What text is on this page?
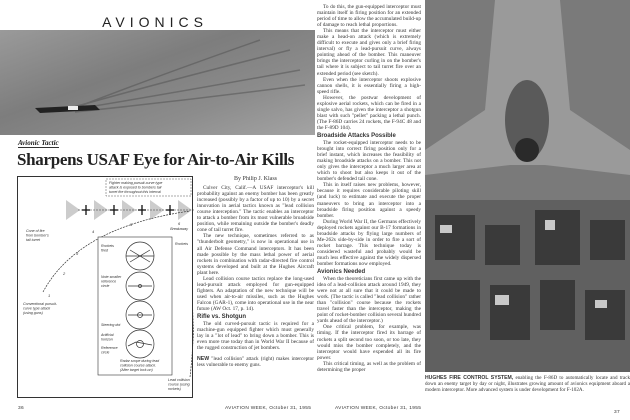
AVIONICS
Avionic Tactic
Sharpens USAF Eye for Air-to-Air Kills
Fighter making pursuit-curve type
attack is exposed to bombers tail
turret fire throughout this interval
Cone of fire
from bomber's
tail turret
Conventional pursuit-
curve type attack
(using guns)
Rockets
fired
Note smaller
reference
circle
Steering dot
Artificial
horizon
Reference
circle
Radar scope during lead
collision course attack.
(After target lock-on)
Breakaway
Rockets
Lead collision
course (using
rockets)
1
2
3
4
5	6

By Philip J. Klass

Culver City, Calif.—A USAF interceptor's kill probability against an enemy bomber has been greatly increased (possibly by a factor of up to 10) by a secret innovation in aerial tactics known as "lead collision course interception." The tactic enables an interceptor to attack a bomber from its most vulnerable broadside position, while remaining outside the bomber's deadly cone of tail turret fire.

The new technique, sometimes referred to as "thunderbolt geometry," is now in operational use in all Air Defense Command interceptors. It has been made possible by the mass lethal power of aerial rockets in combination with radar-directed fire control systems developed and built at the Hughes Aircraft plant here.

Lead collision course tactics replace the long-used lead-pursuit attack employed for gun-equipped fighters. An adaptation of the new technique will be used when air-to-air missiles, such as the Hughes Falcon (GAR-1), come into operational use in the near future (AW Oct. 17, p. 14).

Rifle vs. Shotgun

The old curved-pursuit tactic is required for a machine-gun equipped fighter which must generally lay in a "lot of lead" to bring down a bomber. This is even more true today than in World War II because of the rugged construction of jet bombers.

NEW "lead collision" attack (right) makes interceptor less vulnerable to enemy guns.

36	AVIATION WEEK, October 31, 1955

To do this, the gun-equipped interceptor must maintain itself in firing position for an extended period of time to allow the accumulated build-up of damage to reach lethal proportions.

This means that the interceptor must either make a head-on attack (which is extremely difficult to execute and gives only a brief firing interval) or fly a lead-pursuit curve, always pointing ahead of the bomber. This maneuver brings the interceptor curling in on the bomber's tail where it is subject to tail turret fire over an extended period (see sketch).

Even when the interceptor shoots explosive cannon shells, it is essentially firing a high-speed rifle.

However, the postwar development of explosive aerial rockets, which can be fired in a single salvo, has given the interceptor a shotgun blast with such "pellet" packing a lethal punch. (The F-86D carries 24 rockets, the F-94C 48 and the F-89D 104).

Broadside Attacks Possible

The rocket-equipped interceptor needs to be brought into correct firing position only for a brief instant, which increases the feasibility of making broadside attacks on a bomber. This not only gives the interceptor a much larger area at which to shoot but also keeps it out of the bomber's defended tail cone.

This in itself raises new problems, however, because it requires considerable piloting skill (and luck) to estimate and execute the proper maneuvers to bring an interceptor into a broadside firing position against a speedy bomber.

During World War II, the Germans effectively deployed rockets against our B-17 formations in broadside attacks by flying large numbers of Me-262s side-by-side in order to fire a sort of rocket barrage. This technique today is considered wasteful and probably would be much less effective against the widely dispersed bomber formations now employed.

Avionics Needed

When the theoreticians first came up with the idea of a lead-collision attack around 1949, they were not at all sure that it could be made to work. (The tactic is called "lead collision" rather than "collision" course because the rockets travel faster than the interceptor, making the point of rocket-bomber collision several hundred yards ahead of the interceptor.)

One critical problem, for example, was timing. If the interceptor fired its barrage of rockets a split second too soon, or too late, they would miss the bomber completely, and the interceptor would have expended all its fire power.

This critical timing, as well as the problem of determining the proper

HUGHES FIRE CONTROL SYSTEM, enabling the F-86D to automatically locate and track down an enemy target by day or night, illustrates growing amount of avionics equipment aboard a modern interceptor. More advanced system is under development for F-102A.
37
AVIATION WEEK, October 31, 1955
